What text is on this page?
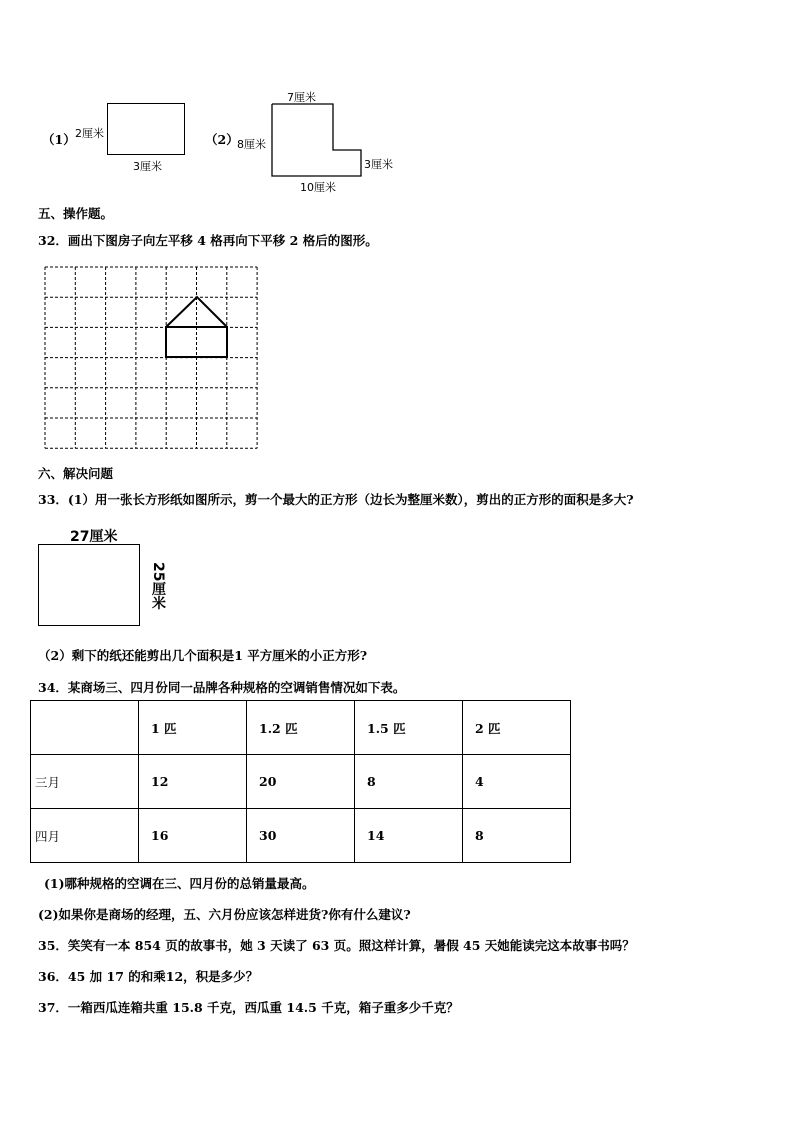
（1） 2厘米
3厘米
（2）
7厘米
8厘米
3厘米
10厘米
五、操作题。
32．画出下图房子向左平移 4 格再向下平移 2 格后的图形。
六、解决问题
33．(1）用一张长方形纸如图所示，剪一个最大的正方形（边长为整厘米数），剪出的正方形的面积是多大?
27厘米
25厘米
（2）剩下的纸还能剪出几个面积是1 平方厘米的小正方形?
34．某商场三、四月份同一品牌各种规格的空调销售情况如下表。
	1 匹	1.2 匹	1.5 匹	2 匹
三月	12	20	8	4
四月	16	30	14	8
(1)哪种规格的空调在三、四月份的总销量最高。
(2)如果你是商场的经理，五、六月份应该怎样进货?你有什么建议?
35．笑笑有一本 854 页的故事书，她 3 天读了 63 页。照这样计算，暑假 45 天她能读完这本故事书吗？
36．45 加 17 的和乘12，积是多少？
37．一箱西瓜连箱共重 15.8 千克，西瓜重 14.5 千克，箱子重多少千克？
